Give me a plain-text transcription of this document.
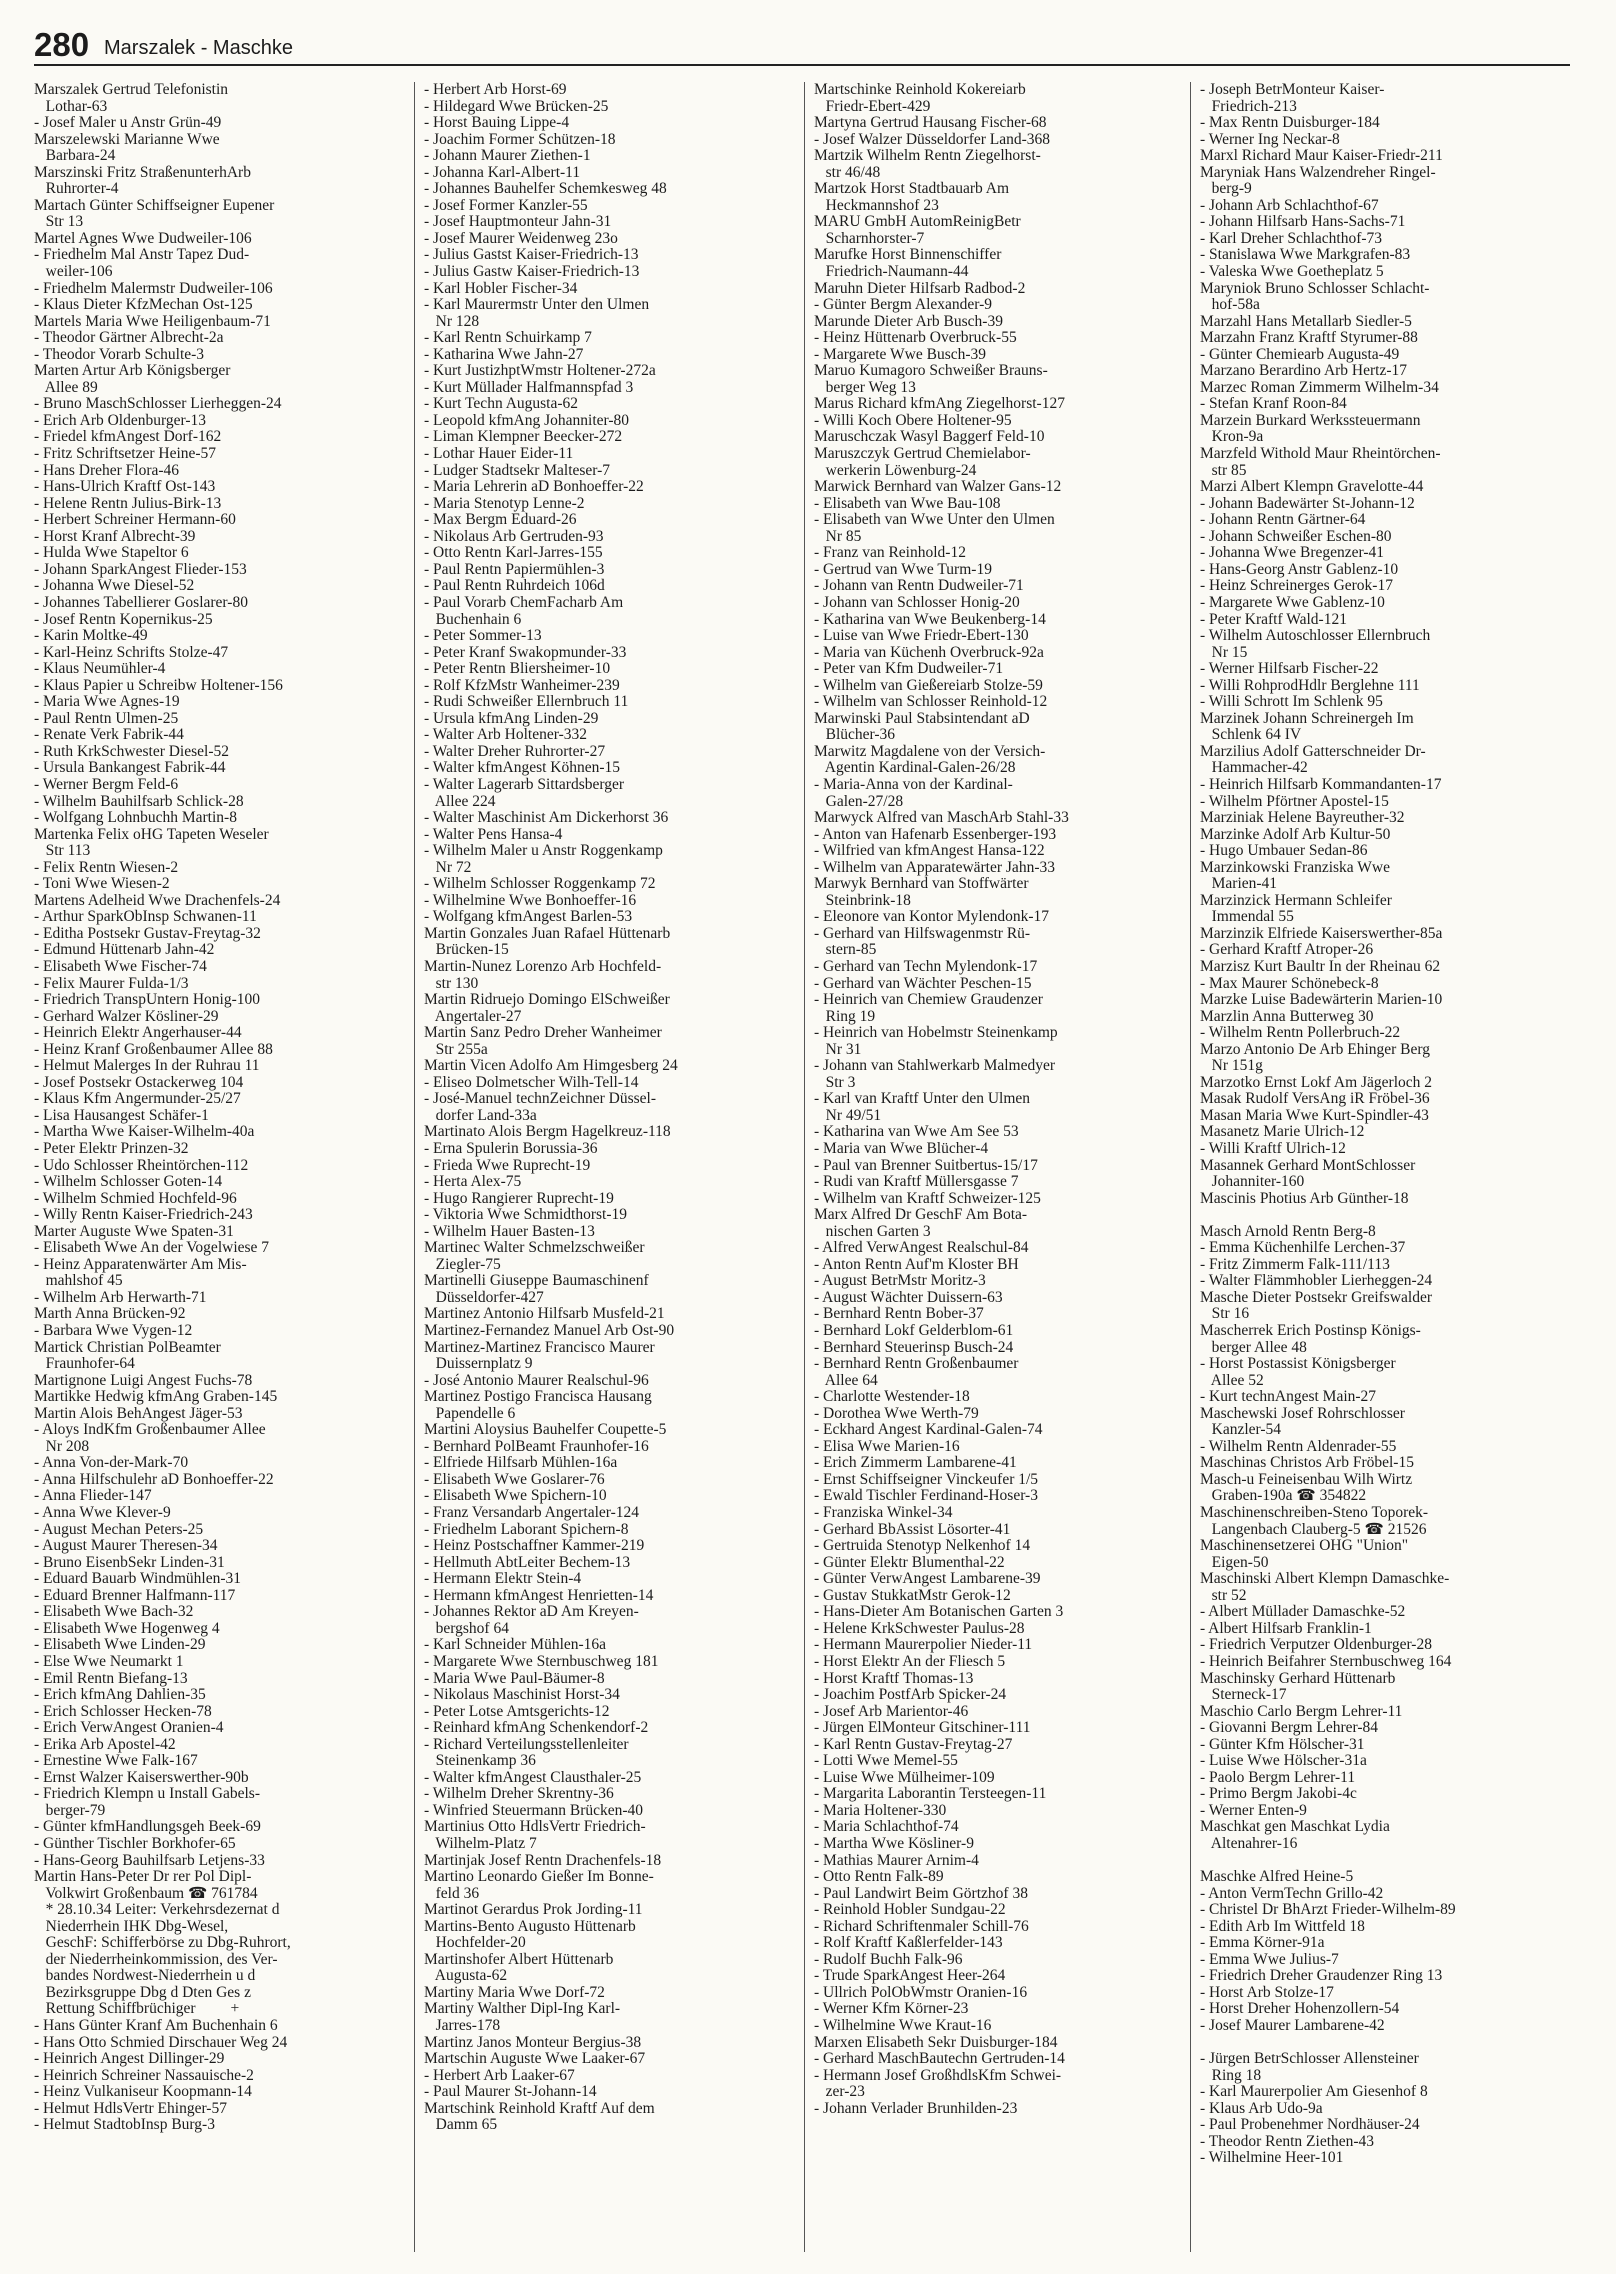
280 Marszalek - Maschke
Marszalek Gertrud Telefonistin
Lothar-63
- Josef Maler u Anstr Grün-49
Marszelewski Marianne Wwe
Barbara-24
Marszinski Fritz StraßenunterhArb
Ruhrorter-4
Martach Günter Schiffseigner Eupener
Str 13
Martel Agnes Wwe Dudweiler-106
- Friedhelm Mal Anstr Tapez Dud-
weiler-106
- Friedhelm Malermstr Dudweiler-106
- Klaus Dieter KfzMechan Ost-125
Martels Maria Wwe Heiligenbaum-71
- Theodor Gärtner Albrecht-2a
- Theodor Vorarb Schulte-3
Marten Artur Arb Königsberger
Allee 89
- Bruno MaschSchlosser Lierheggen-24
- Erich Arb Oldenburger-13
- Friedel kfmAngest Dorf-162
- Fritz Schriftsetzer Heine-57
- Hans Dreher Flora-46
- Hans-Ulrich Kraftf Ost-143
- Helene Rentn Julius-Birk-13
- Herbert Schreiner Hermann-60
- Horst Kranf Albrecht-39
- Hulda Wwe Stapeltor 6
- Johann SparkAngest Flieder-153
- Johanna Wwe Diesel-52
- Johannes Tabellierer Goslarer-80
- Josef Rentn Kopernikus-25
- Karin Moltke-49
- Karl-Heinz Schrifts Stolze-47
- Klaus Neumühler-4
- Klaus Papier u Schreibw Holtener-156
- Maria Wwe Agnes-19
- Paul Rentn Ulmen-25
- Renate Verk Fabrik-44
- Ruth KrkSchwester Diesel-52
- Ursula Bankangest Fabrik-44
- Werner Bergm Feld-6
- Wilhelm Bauhilfsarb Schlick-28
- Wolfgang Lohnbuchh Martin-8
Martenka Felix oHG Tapeten Weseler
Str 113
- Felix Rentn Wiesen-2
- Toni Wwe Wiesen-2
Martens Adelheid Wwe Drachenfels-24
- Arthur SparkObInsp Schwanen-11
- Editha Postsekr Gustav-Freytag-32
- Edmund Hüttenarb Jahn-42
- Elisabeth Wwe Fischer-74
- Felix Maurer Fulda-1/3
- Friedrich TranspUntern Honig-100
- Gerhard Walzer Kösliner-29
- Heinrich Elektr Angerhauser-44
- Heinz Kranf Großenbaumer Allee 88
- Helmut Malerges In der Ruhrau 11
- Josef Postsekr Ostackerweg 104
- Klaus Kfm Angermunder-25/27
- Lisa Hausangest Schäfer-1
- Martha Wwe Kaiser-Wilhelm-40a
- Peter Elektr Prinzen-32
- Udo Schlosser Rheintörchen-112
- Wilhelm Schlosser Goten-14
- Wilhelm Schmied Hochfeld-96
- Willy Rentn Kaiser-Friedrich-243
Marter Auguste Wwe Spaten-31
- Elisabeth Wwe An der Vogelwiese 7
- Heinz Apparatenwärter Am Mis-
mahlshof 45
- Wilhelm Arb Herwarth-71
Marth Anna Brücken-92
- Barbara Wwe Vygen-12
Martick Christian PolBeamter
Fraunhofer-64
Martignone Luigi Angest Fuchs-78
Martikke Hedwig kfmAng Graben-145
Martin Alois BehAngest Jäger-53
- Aloys IndKfm Großenbaumer Allee
Nr 208
- Anna Von-der-Mark-70
- Anna Hilfschulehr aD Bonhoeffer-22
- Anna Flieder-147
- Anna Wwe Klever-9
- August Mechan Peters-25
- August Maurer Theresen-34
- Bruno EisenbSekr Linden-31
- Eduard Bauarb Windmühlen-31
- Eduard Brenner Halfmann-117
- Elisabeth Wwe Bach-32
- Elisabeth Wwe Hogenweg 4
- Elisabeth Wwe Linden-29
- Else Wwe Neumarkt 1
- Emil Rentn Biefang-13
- Erich kfmAng Dahlien-35
- Erich Schlosser Hecken-78
- Erich VerwAngest Oranien-4
- Erika Arb Apostel-42
- Ernestine Wwe Falk-167
- Ernst Walzer Kaiserswerther-90b
- Friedrich Klempn u Install Gabels-
berger-79
- Günter kfmHandlungsgeh Beek-69
- Günther Tischler Borkhofer-65
- Hans-Georg Bauhilfsarb Letjens-33
Martin Hans-Peter Dr rer Pol Dipl-
Volkwirt Großenbaum ☎ 761784
* 28.10.34 Leiter: Verkehrsdezernat d
Niederrhein IHK Dbg-Wesel,
GeschF: Schifferbörse zu Dbg-Ruhrort,
der Niederrheinkommission, des Ver-
bandes Nordwest-Niederrhein u d
Bezirksgruppe Dbg d Dten Ges z
Rettung Schiffbrüchiger         +
- Hans Günter Kranf Am Buchenhain 6
- Hans Otto Schmied Dirschauer Weg 24
- Heinrich Angest Dillinger-29
- Heinrich Schreiner Nassauische-2
- Heinz Vulkaniseur Koopmann-14
- Helmut HdlsVertr Ehinger-57
- Helmut StadtobInsp Burg-3
- Herbert Arb Horst-69
- Hildegard Wwe Brücken-25
- Horst Bauing Lippe-4
- Joachim Former Schützen-18
- Johann Maurer Ziethen-1
- Johanna Karl-Albert-11
- Johannes Bauhelfer Schemkesweg 48
- Josef Former Kanzler-55
- Josef Hauptmonteur Jahn-31
- Josef Maurer Weidenweg 23o
- Julius Gastst Kaiser-Friedrich-13
- Julius Gastw Kaiser-Friedrich-13
- Karl Hobler Fischer-34
- Karl Maurermstr Unter den Ulmen
Nr 128
- Karl Rentn Schuirkamp 7
- Katharina Wwe Jahn-27
- Kurt JustizhptWmstr Holtener-272a
- Kurt Müllader Halfmannspfad 3
- Kurt Techn Augusta-62
- Leopold kfmAng Johanniter-80
- Liman Klempner Beecker-272
- Lothar Hauer Eider-11
- Ludger Stadtsekr Malteser-7
- Maria Lehrerin aD Bonhoeffer-22
- Maria Stenotyp Lenne-2
- Max Bergm Eduard-26
- Nikolaus Arb Gertruden-93
- Otto Rentn Karl-Jarres-155
- Paul Rentn Papiermühlen-3
- Paul Rentn Ruhrdeich 106d
- Paul Vorarb ChemFacharb Am
Buchenhain 6
- Peter Sommer-13
- Peter Kranf Swakopmunder-33
- Peter Rentn Bliersheimer-10
- Rolf KfzMstr Wanheimer-239
- Rudi Schweißer Ellernbruch 11
- Ursula kfmAng Linden-29
- Walter Arb Holtener-332
- Walter Dreher Ruhrorter-27
- Walter kfmAngest Köhnen-15
- Walter Lagerarb Sittardsberger
Allee 224
- Walter Maschinist Am Dickerhorst 36
- Walter Pens Hansa-4
- Wilhelm Maler u Anstr Roggenkamp
Nr 72
- Wilhelm Schlosser Roggenkamp 72
- Wilhelmine Wwe Bonhoeffer-16
- Wolfgang kfmAngest Barlen-53
Martin Gonzales Juan Rafael Hüttenarb
Brücken-15
Martin-Nunez Lorenzo Arb Hochfeld-
str 130
Martin Ridruejo Domingo ElSchweißer
Angertaler-27
Martin Sanz Pedro Dreher Wanheimer
Str 255a
Martin Vicen Adolfo Am Himgesberg 24
- Eliseo Dolmetscher Wilh-Tell-14
- José-Manuel technZeichner Düssel-
dorfer Land-33a
Martinato Alois Bergm Hagelkreuz-118
- Erna Spulerin Borussia-36
- Frieda Wwe Ruprecht-19
- Herta Alex-75
- Hugo Rangierer Ruprecht-19
- Viktoria Wwe Schmidthorst-19
- Wilhelm Hauer Basten-13
Martinec Walter Schmelzschweißer
Ziegler-75
Martinelli Giuseppe Baumaschinenf
Düsseldorfer-427
Martinez Antonio Hilfsarb Musfeld-21
Martinez-Fernandez Manuel Arb Ost-90
Martinez-Martinez Francisco Maurer
Duissernplatz 9
- José Antonio Maurer Realschul-96
Martinez Postigo Francisca Hausang
Papendelle 6
Martini Aloysius Bauhelfer Coupette-5
- Bernhard PolBeamt Fraunhofer-16
- Elfriede Hilfsarb Mühlen-16a
- Elisabeth Wwe Goslarer-76
- Elisabeth Wwe Spichern-10
- Franz Versandarb Angertaler-124
- Friedhelm Laborant Spichern-8
- Heinz Postschaffner Kammer-219
- Hellmuth AbtLeiter Bechem-13
- Hermann Elektr Stein-4
- Hermann kfmAngest Henrietten-14
- Johannes Rektor aD Am Kreyen-
bergshof 64
- Karl Schneider Mühlen-16a
- Margarete Wwe Sternbuschweg 181
- Maria Wwe Paul-Bäumer-8
- Nikolaus Maschinist Horst-34
- Peter Lotse Amtsgerichts-12
- Reinhard kfmAng Schenkendorf-2
- Richard Verteilungsstellenleiter
Steinenkamp 36
- Walter kfmAngest Clausthaler-25
- Wilhelm Dreher Skrentny-36
- Winfried Steuermann Brücken-40
Martinius Otto HdlsVertr Friedrich-
Wilhelm-Platz 7
Martinjak Josef Rentn Drachenfels-18
Martino Leonardo Gießer Im Bonne-
feld 36
Martinot Gerardus Prok Jording-11
Martins-Bento Augusto Hüttenarb
Hochfelder-20
Martinshofer Albert Hüttenarb
Augusta-62
Martiny Maria Wwe Dorf-72
Martiny Walther Dipl-Ing Karl-
Jarres-178
Martinz Janos Monteur Bergius-38
Martschin Auguste Wwe Laaker-67
- Herbert Arb Laaker-67
- Paul Maurer St-Johann-14
Martschink Reinhold Kraftf Auf dem
Damm 65
Martschinke Reinhold Kokereiarb
Friedr-Ebert-429
Martyna Gertrud Hausang Fischer-68
- Josef Walzer Düsseldorfer Land-368
Martzik Wilhelm Rentn Ziegelhorst-
str 46/48
Martzok Horst Stadtbauarb Am
Heckmannshof 23
MARU GmbH AutomReinigBetr
Scharnhorster-7
Marufke Horst Binnenschiffer
Friedrich-Naumann-44
Maruhn Dieter Hilfsarb Radbod-2
- Günter Bergm Alexander-9
Marunde Dieter Arb Busch-39
- Heinz Hüttenarb Overbruck-55
- Margarete Wwe Busch-39
Maruo Kumagoro Schweißer Brauns-
berger Weg 13
Marus Richard kfmAng Ziegelhorst-127
- Willi Koch Obere Holtener-95
Maruschczak Wasyl Baggerf Feld-10
Maruszczyk Gertrud Chemielabor-
werkerin Löwenburg-24
Marwick Bernhard van Walzer Gans-12
- Elisabeth van Wwe Bau-108
- Elisabeth van Wwe Unter den Ulmen
Nr 85
- Franz van Reinhold-12
- Gertrud van Wwe Turm-19
- Johann van Rentn Dudweiler-71
- Johann van Schlosser Honig-20
- Katharina van Wwe Beukenberg-14
- Luise van Wwe Friedr-Ebert-130
- Maria van Küchenh Overbruck-92a
- Peter van Kfm Dudweiler-71
- Wilhelm van Gießereiarb Stolze-59
- Wilhelm van Schlosser Reinhold-12
Marwinski Paul Stabsintendant aD
Blücher-36
Marwitz Magdalene von der Versich-
Agentin Kardinal-Galen-26/28
- Maria-Anna von der Kardinal-
Galen-27/28
Marwyck Alfred van MaschArb Stahl-33
- Anton van Hafenarb Essenberger-193
- Wilfried van kfmAngest Hansa-122
- Wilhelm van Apparatewärter Jahn-33
Marwyk Bernhard van Stoffwärter
Steinbrink-18
- Eleonore van Kontor Mylendonk-17
- Gerhard van Hilfswagenmstr Rü-
stern-85
- Gerhard van Techn Mylendonk-17
- Gerhard van Wächter Peschen-15
- Heinrich van Chemiew Graudenzer
Ring 19
- Heinrich van Hobelmstr Steinenkamp
Nr 31
- Johann van Stahlwerkarb Malmedyer
Str 3
- Karl van Kraftf Unter den Ulmen
Nr 49/51
- Katharina van Wwe Am See 53
- Maria van Wwe Blücher-4
- Paul van Brenner Suitbertus-15/17
- Rudi van Kraftf Müllersgasse 7
- Wilhelm van Kraftf Schweizer-125
Marx Alfred Dr GeschF Am Bota-
nischen Garten 3
- Alfred VerwAngest Realschul-84
- Anton Rentn Auf'm Kloster BH
- August BetrMstr Moritz-3
- August Wächter Duissern-63
- Bernhard Rentn Bober-37
- Bernhard Lokf Gelderblom-61
- Bernhard Steuerinsp Busch-24
- Bernhard Rentn Großenbaumer
Allee 64
- Charlotte Westender-18
- Dorothea Wwe Werth-79
- Eckhard Angest Kardinal-Galen-74
- Elisa Wwe Marien-16
- Erich Zimmerm Lambarene-41
- Ernst Schiffseigner Vinckeufer 1/5
- Ewald Tischler Ferdinand-Hoser-3
- Franziska Winkel-34
- Gerhard BbAssist Lösorter-41
- Gertruida Stenotyp Nelkenhof 14
- Günter Elektr Blumenthal-22
- Günter VerwAngest Lambarene-39
- Gustav StukkatMstr Gerok-12
- Hans-Dieter Am Botanischen Garten 3
- Helene KrkSchwester Paulus-28
- Hermann Maurerpolier Nieder-11
- Horst Elektr An der Fliesch 5
- Horst Kraftf Thomas-13
- Joachim PostfArb Spicker-24
- Josef Arb Marientor-46
- Jürgen ElMonteur Gitschiner-111
- Karl Rentn Gustav-Freytag-27
- Lotti Wwe Memel-55
- Luise Wwe Mülheimer-109
- Margarita Laborantin Tersteegen-11
- Maria Holtener-330
- Maria Schlachthof-74
- Martha Wwe Kösliner-9
- Mathias Maurer Arnim-4
- Otto Rentn Falk-89
- Paul Landwirt Beim Görtzhof 38
- Reinhold Hobler Sundgau-22
- Richard Schriftenmaler Schill-76
- Rolf Kraftf Kaßlerfelder-143
- Rudolf Buchh Falk-96
- Trude SparkAngest Heer-264
- Ullrich PolObWmstr Oranien-16
- Werner Kfm Körner-23
- Wilhelmine Wwe Kraut-16
Marxen Elisabeth Sekr Duisburger-184
- Gerhard MaschBautechn Gertruden-14
- Hermann Josef GroßhdlsKfm Schwei-
zer-23
- Johann Verlader Brunhilden-23
- Joseph BetrMonteur Kaiser-
Friedrich-213
- Max Rentn Duisburger-184
- Werner Ing Neckar-8
Marxl Richard Maur Kaiser-Friedr-211
Maryniak Hans Walzendreher Ringel-
berg-9
- Johann Arb Schlachthof-67
- Johann Hilfsarb Hans-Sachs-71
- Karl Dreher Schlachthof-73
- Stanislawa Wwe Markgrafen-83
- Valeska Wwe Goetheplatz 5
Maryniok Bruno Schlosser Schlacht-
hof-58a
Marzahl Hans Metallarb Siedler-5
Marzahn Franz Kraftf Styrumer-88
- Günter Chemiearb Augusta-49
Marzano Berardino Arb Hertz-17
Marzec Roman Zimmerm Wilhelm-34
- Stefan Kranf Roon-84
Marzein Burkard Werkssteuermann
Kron-9a
Marzfeld Withold Maur Rheintörchen-
str 85
Marzi Albert Klempn Gravelotte-44
- Johann Badewärter St-Johann-12
- Johann Rentn Gärtner-64
- Johann Schweißer Eschen-80
- Johanna Wwe Bregenzer-41
- Hans-Georg Anstr Gablenz-10
- Heinz Schreinerges Gerok-17
- Margarete Wwe Gablenz-10
- Peter Kraftf Wald-121
- Wilhelm Autoschlosser Ellernbruch
Nr 15
- Werner Hilfsarb Fischer-22
- Willi RohprodHdlr Berglehne 111
- Willi Schrott Im Schlenk 95
Marzinek Johann Schreinergeh Im
Schlenk 64 IV
Marzilius Adolf Gatterschneider Dr-
Hammacher-42
- Heinrich Hilfsarb Kommandanten-17
- Wilhelm Pförtner Apostel-15
Marziniak Helene Bayreuther-32
Marzinke Adolf Arb Kultur-50
- Hugo Umbauer Sedan-86
Marzinkowski Franziska Wwe
Marien-41
Marzinzick Hermann Schleifer
Immendal 55
Marzinzik Elfriede Kaiserswerther-85a
- Gerhard Kraftf Atroper-26
Marzisz Kurt Baultr In der Rheinau 62
- Max Maurer Schönebeck-8
Marzke Luise Badewärterin Marien-10
Marzlin Anna Butterweg 30
- Wilhelm Rentn Pollerbruch-22
Marzo Antonio De Arb Ehinger Berg
Nr 151g
Marzotko Ernst Lokf Am Jägerloch 2
Masak Rudolf VersAng iR Fröbel-36
Masan Maria Wwe Kurt-Spindler-43
Masanetz Marie Ulrich-12
- Willi Kraftf Ulrich-12
Masannek Gerhard MontSchlosser
Johanniter-160
Mascinis Photius Arb Günther-18

Masch Arnold Rentn Berg-8
- Emma Küchenhilfe Lerchen-37
- Fritz Zimmerm Falk-111/113
- Walter Flämmhobler Lierheggen-24
Masche Dieter Postsekr Greifswalder
Str 16
Mascherrek Erich Postinsp Königs-
berger Allee 48
- Horst Postassist Königsberger
Allee 52
- Kurt technAngest Main-27
Maschewski Josef Rohrschlosser
Kanzler-54
- Wilhelm Rentn Aldenrader-55
Maschinas Christos Arb Fröbel-15
Masch-u Feineisenbau Wilh Wirtz
Graben-190a ☎ 354822
Maschinenschreiben-Steno Toporek-
Langenbach Clauberg-5 ☎ 21526
Maschinensetzerei OHG "Union"
Eigen-50
Maschinski Albert Klempn Damaschke-
str 52
- Albert Müllader Damaschke-52
- Albert Hilfsarb Franklin-1
- Friedrich Verputzer Oldenburger-28
- Heinrich Beifahrer Sternbuschweg 164
Maschinsky Gerhard Hüttenarb
Sterneck-17
Maschio Carlo Bergm Lehrer-11
- Giovanni Bergm Lehrer-84
- Günter Kfm Hölscher-31
- Luise Wwe Hölscher-31a
- Paolo Bergm Lehrer-11
- Primo Bergm Jakobi-4c
- Werner Enten-9
Maschkat gen Maschkat Lydia
Altenahrer-16

Maschke Alfred Heine-5
- Anton VermTechn Grillo-42
- Christel Dr BhArzt Frieder-Wilhelm-89
- Edith Arb Im Wittfeld 18
- Emma Körner-91a
- Emma Wwe Julius-7
- Friedrich Dreher Graudenzer Ring 13
- Horst Arb Stolze-17
- Horst Dreher Hohenzollern-54
- Josef Maurer Lambarene-42

- Jürgen BetrSchlosser Allensteiner
Ring 18
- Karl Maurerpolier Am Giesenhof 8
- Klaus Arb Udo-9a
- Paul Probenehmer Nordhäuser-24
- Theodor Rentn Ziethen-43
- Wilhelmine Heer-101
